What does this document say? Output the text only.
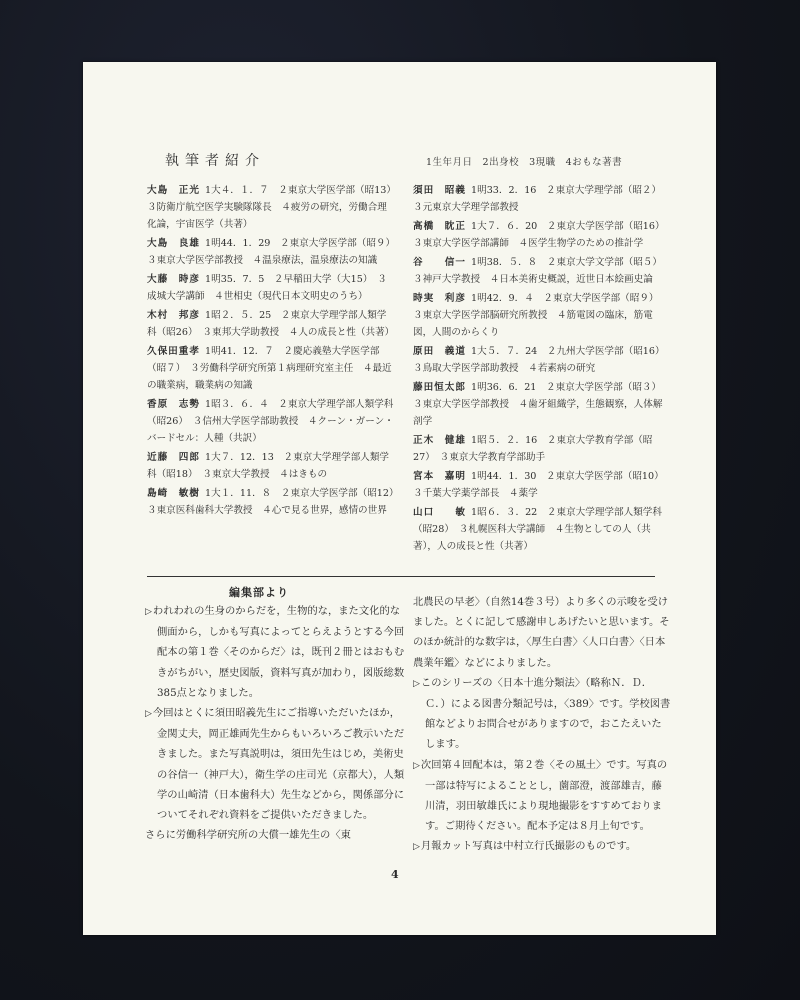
執筆者紹介	1生年月日　2出身校　3現職　4おもな著書
大島　正光 1大４．１．７　２東京大学医学部（昭13）　３防衛庁航空医学実験隊隊長　４疲労の研究，労働合理化論，宇宙医学（共著）
大島　良雄 1明44．1．29　２東京大学医学部（昭９）　３東京大学医学部教授　４温泉療法，温泉療法の知識
大藤　時彦 1明35．7．5　２早稲田大学（大15）　３成城大学講師　４世相史（現代日本文明史のうち）
木村　邦彦 1昭２．５．25　２東京大学理学部人類学科（昭26）　３東邦大学助教授　４人の成長と性（共著）
久保田重孝 1明41．12．７　２慶応義塾大学医学部（昭７）　３労働科学研究所第１病理研究室主任　４最近の職業病，職業病の知識
香原　志勢 1昭３．６．４　２東京大学理学部人類学科（昭26）　３信州大学医学部助教授　４クーン・ガーン・バードセル：人種（共訳）
近藤　四郎 1大７．12．13　２東京大学理学部人類学科（昭18）　３東京大学教授　４はきもの
島崎　敏樹 1大１．11．８　２東京大学医学部（昭12）　３東京医科歯科大学教授　４心で見る世界，感情の世界
須田　昭義 1明33．2．16　２東京大学理学部（昭２）　３元東京大学理学部教授
高橋　眈正 1大７．６．20　２東京大学医学部（昭16）　３東京大学医学部講師　４医学生物学のための推計学
谷　　信一 1明38．５．８　２東京大学文学部（昭５）　３神戸大学教授　４日本美術史概説，近世日本絵画史論
時実　利彦 1明42．9．４　２東京大学医学部（昭９）　３東京大学医学部脳研究所教授　４筋電図の臨床，筋電図，人間のからくり
原田　義道 1大５．７．24　２九州大学医学部（昭16）　３鳥取大学医学部助教授　４若素病の研究
藤田恒太郎 1明36．6．21　２東京大学医学部（昭３）　３東京大学医学部教授　４歯牙組織学，生態観察，人体解剖学
正木　健雄 1昭５．２．16　２東京大学教育学部（昭27）　３東京大学教育学部助手
宮本　嘉明 1明44．1．30　２東京大学医学部（昭10）　３千葉大学薬学部長　４薬学
山口　　敏 1昭６．３．22　２東京大学理学部人類学科（昭28）　３札幌医科大学講師　４生物としての人（共著），人の成長と性（共著）
編集部より
▷われわれの生身のからだを，生物的な，また文化的な側面から，しかも写真によってとらえようとする今回配本の第１巻〈そのからだ〉は，既刊２冊とはおもむきがちがい，歴史図版，資料写真が加わり，図版総数385点となりました。
▷今回はとくに須田昭義先生にご指導いただいたほか，金関丈夫，岡正雄両先生からもいろいろご教示いただきました。また写真説明は，須田先生はじめ，美術史の谷信一（神戸大），衛生学の庄司光（京都大），人類学の山崎清（日本歯科大）先生などから，関係部分についてそれぞれ資料をご提供いただきました。
さらに労働科学研究所の大償一雄先生の〈東
北農民の早老〉（自然14巻３号）より多くの示唆を受けました。とくに記して感謝申しあげたいと思います。そのほか統計的な数字は，〈厚生白書〉〈人口白書〉〈日本農業年鑑〉などによりました。
▷このシリーズの〈日本十進分類法〉（略称Ｎ．Ｄ．Ｃ．）による図書分類記号は，〈389〉です。学校図書館などよりお問合せがありますので，おこたえいたします。
▷次回第４回配本は，第２巻〈その風土〉です。写真の一部は特写によることとし，薗部澄，渡部雄吉，藤川清，羽田敏雄氏により現地撮影をすすめております。ご期待ください。配本予定は８月上旬です。
▷月報カット写真は中村立行氏撮影のものです。
4
